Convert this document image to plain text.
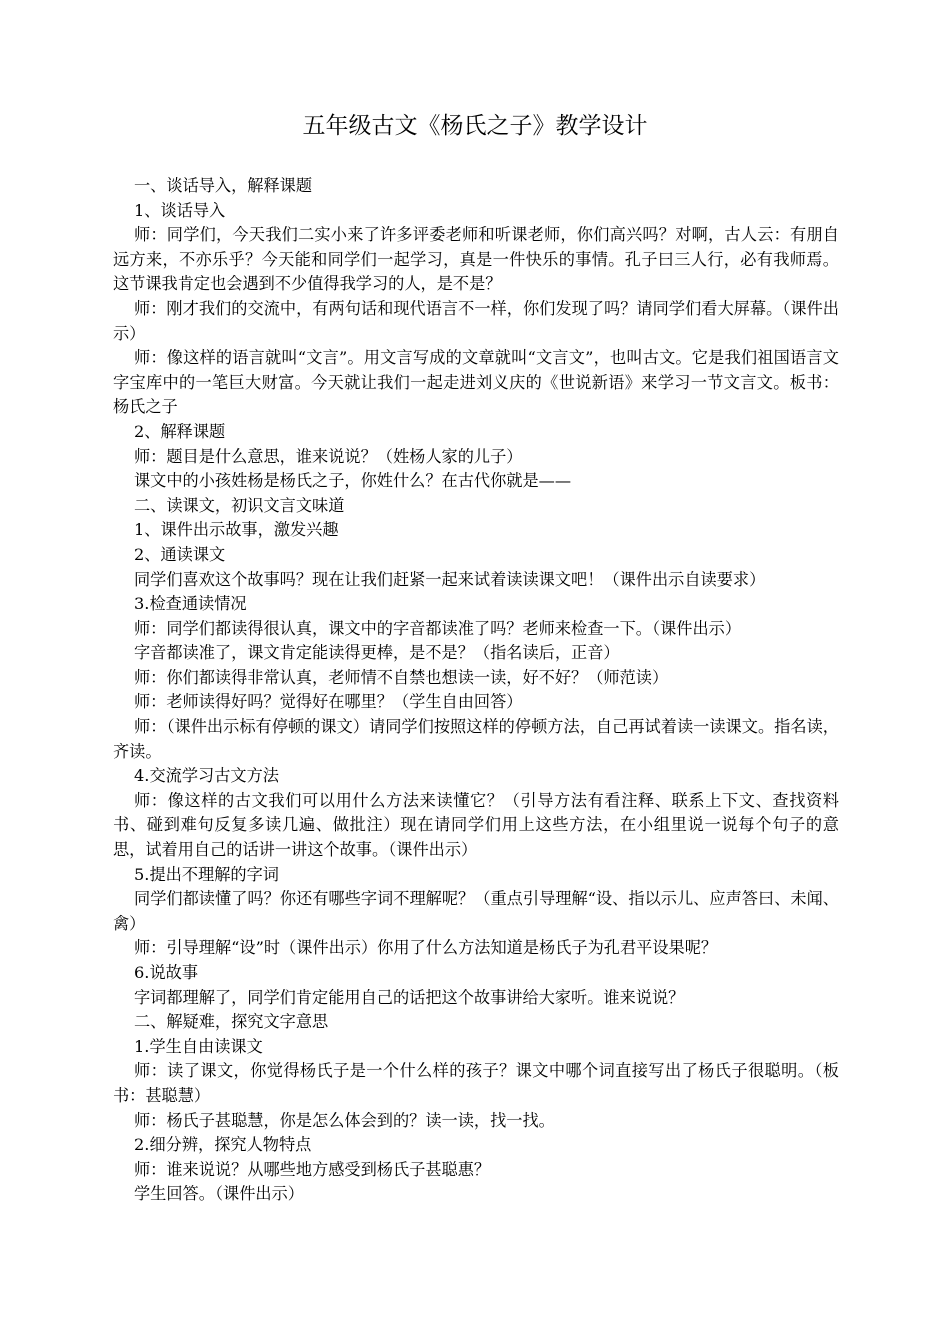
五年级古文《杨氏之子》教学设计

一、谈话导入，解释课题

1、谈话导入

师：同学们，今天我们二实小来了许多评委老师和听课老师，你们高兴吗？对啊，古人云：有朋自远方来，不亦乐乎？今天能和同学们一起学习，真是一件快乐的事情。孔子曰三人行，必有我师焉。这节课我肯定也会遇到不少值得我学习的人，是不是？

师：刚才我们的交流中，有两句话和现代语言不一样，你们发现了吗？请同学们看大屏幕。（课件出示）

师：像这样的语言就叫“文言”。用文言写成的文章就叫“文言文”，也叫古文。它是我们祖国语言文字宝库中的一笔巨大财富。今天就让我们一起走进刘义庆的《世说新语》来学习一节文言文。板书：杨氏之子

2、解释课题

师：题目是什么意思，谁来说说？（姓杨人家的儿子）

课文中的小孩姓杨是杨氏之子，你姓什么？在古代你就是——

二、读课文，初识文言文味道

1、课件出示故事，激发兴趣

2、通读课文

同学们喜欢这个故事吗？现在让我们赶紧一起来试着读读课文吧！（课件出示自读要求）

3.检查通读情况

师：同学们都读得很认真，课文中的字音都读准了吗？老师来检查一下。（课件出示）

字音都读准了，课文肯定能读得更棒，是不是？（指名读后，正音）

师：你们都读得非常认真，老师情不自禁也想读一读，好不好？（师范读）

师：老师读得好吗？觉得好在哪里？（学生自由回答）

师：（课件出示标有停顿的课文）请同学们按照这样的停顿方法，自己再试着读一读课文。指名读，齐读。

4.交流学习古文方法

师：像这样的古文我们可以用什么方法来读懂它？（引导方法有看注释、联系上下文、查找资料书、碰到难句反复多读几遍、做批注）现在请同学们用上这些方法，在小组里说一说每个句子的意思，试着用自己的话讲一讲这个故事。（课件出示）

5.提出不理解的字词

同学们都读懂了吗？你还有哪些字词不理解呢？（重点引导理解“设、指以示儿、应声答曰、未闻、禽）

师：引导理解“设”时（课件出示）你用了什么方法知道是杨氏子为孔君平设果呢？

6.说故事

字词都理解了，同学们肯定能用自己的话把这个故事讲给大家听。谁来说说？

二、解疑难，探究文字意思

1.学生自由读课文

师：读了课文，你觉得杨氏子是一个什么样的孩子？课文中哪个词直接写出了杨氏子很聪明。（板书：甚聪慧）

师：杨氏子甚聪慧，你是怎么体会到的？读一读，找一找。

2.细分辨，探究人物特点

师：谁来说说？从哪些地方感受到杨氏子甚聪惠？

学生回答。（课件出示）
